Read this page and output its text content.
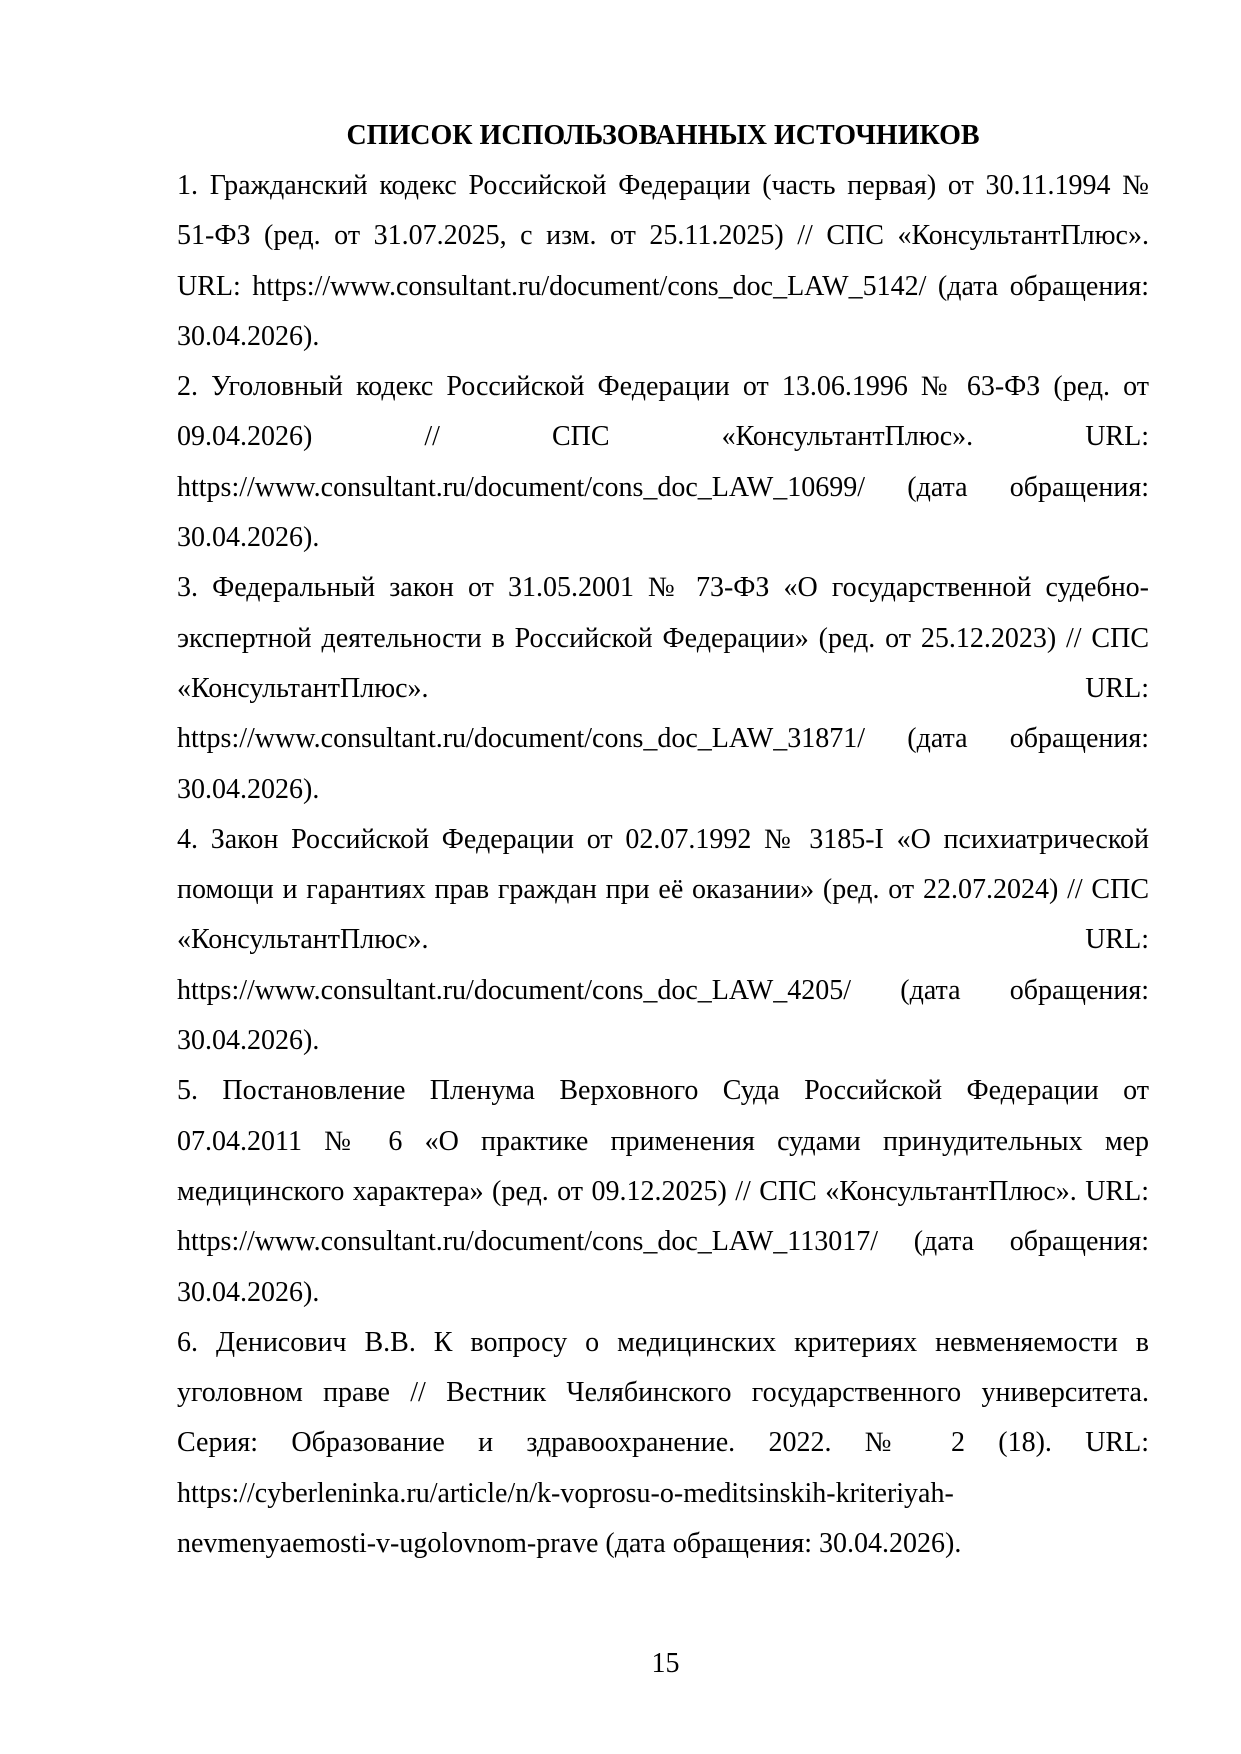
СПИСОК ИСПОЛЬЗОВАННЫХ ИСТОЧНИКОВ
1. Гражданский кодекс Российской Федерации (часть первая) от 30.11.1994 № 51-ФЗ (ред. от 31.07.2025, с изм. от 25.11.2025) // СПС «КонсультантПлюс». URL: https://www.consultant.ru/document/cons_doc_LAW_5142/ (дата обращения: 30.04.2026).
2. Уголовный кодекс Российской Федерации от 13.06.1996 № 63-ФЗ (ред. от 09.04.2026) // СПС «КонсультантПлюс». URL: https://www.consultant.ru/document/cons_doc_LAW_10699/ (дата обращения: 30.04.2026).
3. Федеральный закон от 31.05.2001 № 73-ФЗ «О государственной судебно-экспертной деятельности в Российской Федерации» (ред. от 25.12.2023) // СПС «КонсультантПлюс». URL: https://www.consultant.ru/document/cons_doc_LAW_31871/ (дата обращения: 30.04.2026).
4. Закон Российской Федерации от 02.07.1992 № 3185-I «О психиатрической помощи и гарантиях прав граждан при её оказании» (ред. от 22.07.2024) // СПС «КонсультантПлюс». URL: https://www.consultant.ru/document/cons_doc_LAW_4205/ (дата обращения: 30.04.2026).
5. Постановление Пленума Верховного Суда Российской Федерации от 07.04.2011 № 6 «О практике применения судами принудительных мер медицинского характера» (ред. от 09.12.2025) // СПС «КонсультантПлюс». URL: https://www.consultant.ru/document/cons_doc_LAW_113017/ (дата обращения: 30.04.2026).
6. Денисович В.В. К вопросу о медицинских критериях невменяемости в уголовном праве // Вестник Челябинского государственного университета. Серия: Образование и здравоохранение. 2022. № 2 (18). URL: https://cyberleninka.ru/article/n/k-voprosu-o-meditsinskih-kriteriyah-nevmenyaemosti-v-ugolovnom-prave (дата обращения: 30.04.2026).
15
